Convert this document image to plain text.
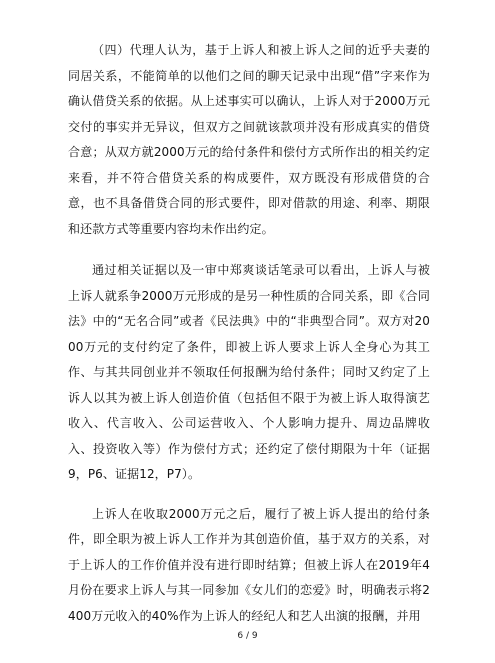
（四）代理人认为，基于上诉人和被上诉人之间的近乎夫妻的同居关系，不能简单的以他们之间的聊天记录中出现“借”字来作为确认借贷关系的依据。从上述事实可以确认，上诉人对于2000万元交付的事实并无异议，但双方之间就该款项并没有形成真实的借贷合意；从双方就2000万元的给付条件和偿付方式所作出的相关约定来看，并不符合借贷关系的构成要件，双方既没有形成借贷的合意，也不具备借贷合同的形式要件，即对借款的用途、利率、期限和还款方式等重要内容均未作出约定。

通过相关证据以及一审中郑爽谈话笔录可以看出，上诉人与被上诉人就系争2000万元形成的是另一种性质的合同关系，即《合同法》中的“无名合同”或者《民法典》中的“非典型合同”。双方对2000万元的支付约定了条件，即被上诉人要求上诉人全身心为其工作、与其共同创业并不领取任何报酬为给付条件；同时又约定了上诉人以其为被上诉人创造价值（包括但不限于为被上诉人取得演艺收入、代言收入、公司运营收入、个人影响力提升、周边品牌收入、投资收入等）作为偿付方式；还约定了偿付期限为十年（证据9，P6、证据12，P7）。

上诉人在收取2000万元之后，履行了被上诉人提出的给付条件，即全职为被上诉人工作并为其创造价值，基于双方的关系，对于上诉人的工作价值并没有进行即时结算；但被上诉人在2019年4月份在要求上诉人与其一同参加《女儿们的恋爱》时，明确表示将2400万元收入的40%作为上诉人的经纪人和艺人出演的报酬，并用

6 / 9
